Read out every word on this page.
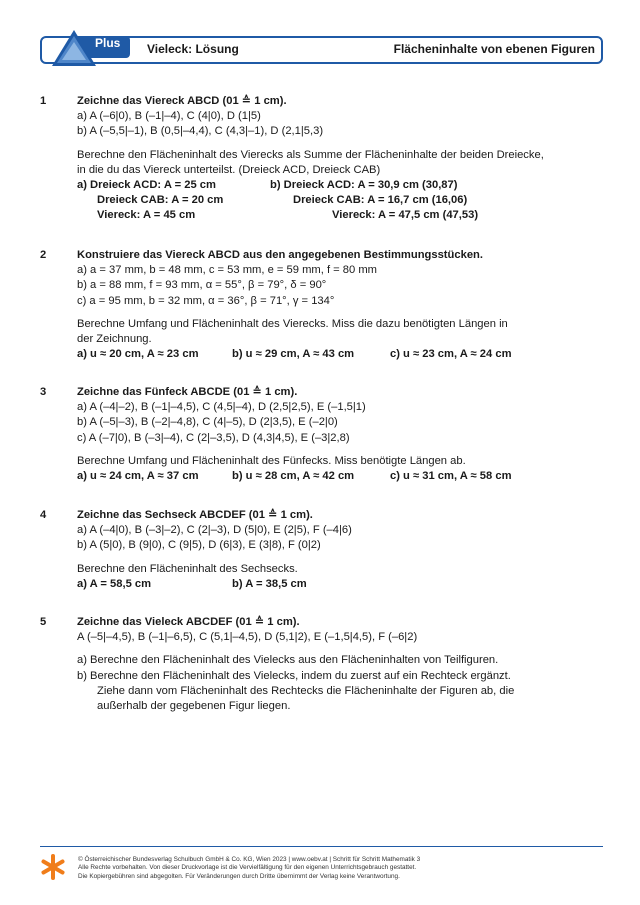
Plus Vieleck: Lösung	Flächeninhalte von ebenen Figuren
1	Zeichne das Viereck ABCD (01 ≙ 1 cm).
a) A (–6|0), B (–1|–4), C (4|0), D (1|5)
b) A (–5,5|–1), B (0,5|–4,4), C (4,3|–1), D (2,1|5,3)
Berechne den Flächeninhalt des Vierecks als Summe der Flächeninhalte der beiden Dreiecke,
in die du das Viereck unterteilst. (Dreieck ACD, Dreieck CAB)
a) Dreieck ACD: A = 25 cm	b) Dreieck ACD: A = 30,9 cm (30,87)
Dreieck CAB: A = 20 cm	Dreieck CAB: A = 16,7 cm (16,06)
Viereck: A = 45 cm	Viereck: A = 47,5 cm (47,53)
2	Konstruiere das Viereck ABCD aus den angegebenen Bestimmungsstücken.
a) a = 37 mm, b = 48 mm, c = 53 mm, e = 59 mm, f = 80 mm
b) a = 88 mm, f = 93 mm, α = 55°, β = 79°, δ = 90°
c) a = 95 mm, b = 32 mm, α = 36°, β = 71°, γ = 134°
Berechne Umfang und Flächeninhalt des Vierecks. Miss die dazu benötigten Längen in
der Zeichnung.
a) u ≈ 20 cm, A ≈ 23 cm	b) u ≈ 29 cm, A ≈ 43 cm	c) u ≈ 23 cm, A ≈ 24 cm
3	Zeichne das Fünfeck ABCDE (01 ≙ 1 cm).
a) A (–4|–2), B (–1|–4,5), C (4,5|–4), D (2,5|2,5), E (–1,5|1)
b) A (–5|–3), B (–2|–4,8), C (4|–5), D (2|3,5), E (–2|0)
c) A (–7|0), B (–3|–4), C (2|–3,5), D (4,3|4,5), E (–3|2,8)
Berechne Umfang und Flächeninhalt des Fünfecks. Miss benötigte Längen ab.
a) u ≈ 24 cm, A ≈ 37 cm	b) u ≈ 28 cm, A ≈ 42 cm	c) u ≈ 31 cm, A ≈ 58 cm
4	Zeichne das Sechseck ABCDEF (01 ≙ 1 cm).
a) A (–4|0), B (–3|–2), C (2|–3), D (5|0), E (2|5), F (–4|6)
b) A (5|0), B (9|0), C (9|5), D (6|3), E (3|8), F (0|2)
Berechne den Flächeninhalt des Sechsecks.
a) A = 58,5 cm	b) A = 38,5 cm
5	Zeichne das Vieleck ABCDEF (01 ≙ 1 cm).
A (–5|–4,5), B (–1|–6,5), C (5,1|–4,5), D (5,1|2), E (–1,5|4,5), F (–6|2)
a) Berechne den Flächeninhalt des Vielecks aus den Flächeninhalten von Teilfiguren.
b) Berechne den Flächeninhalt des Vielecks, indem du zuerst auf ein Rechteck ergänzt.
Ziehe dann vom Flächeninhalt des Rechtecks die Flächeninhalte der Figuren ab, die
außerhalb der gegebenen Figur liegen.
© Österreichischer Bundesverlag Schulbuch GmbH & Co. KG, Wien 2023 | www.oebv.at | Schritt für Schritt Mathematik 3
Alle Rechte vorbehalten. Von dieser Druckvorlage ist die Vervielfältigung für den eigenen Unterrichtsgebrauch gestattet.
Die Kopiergebühren sind abgegolten. Für Veränderungen durch Dritte übernimmt der Verlag keine Verantwortung.
